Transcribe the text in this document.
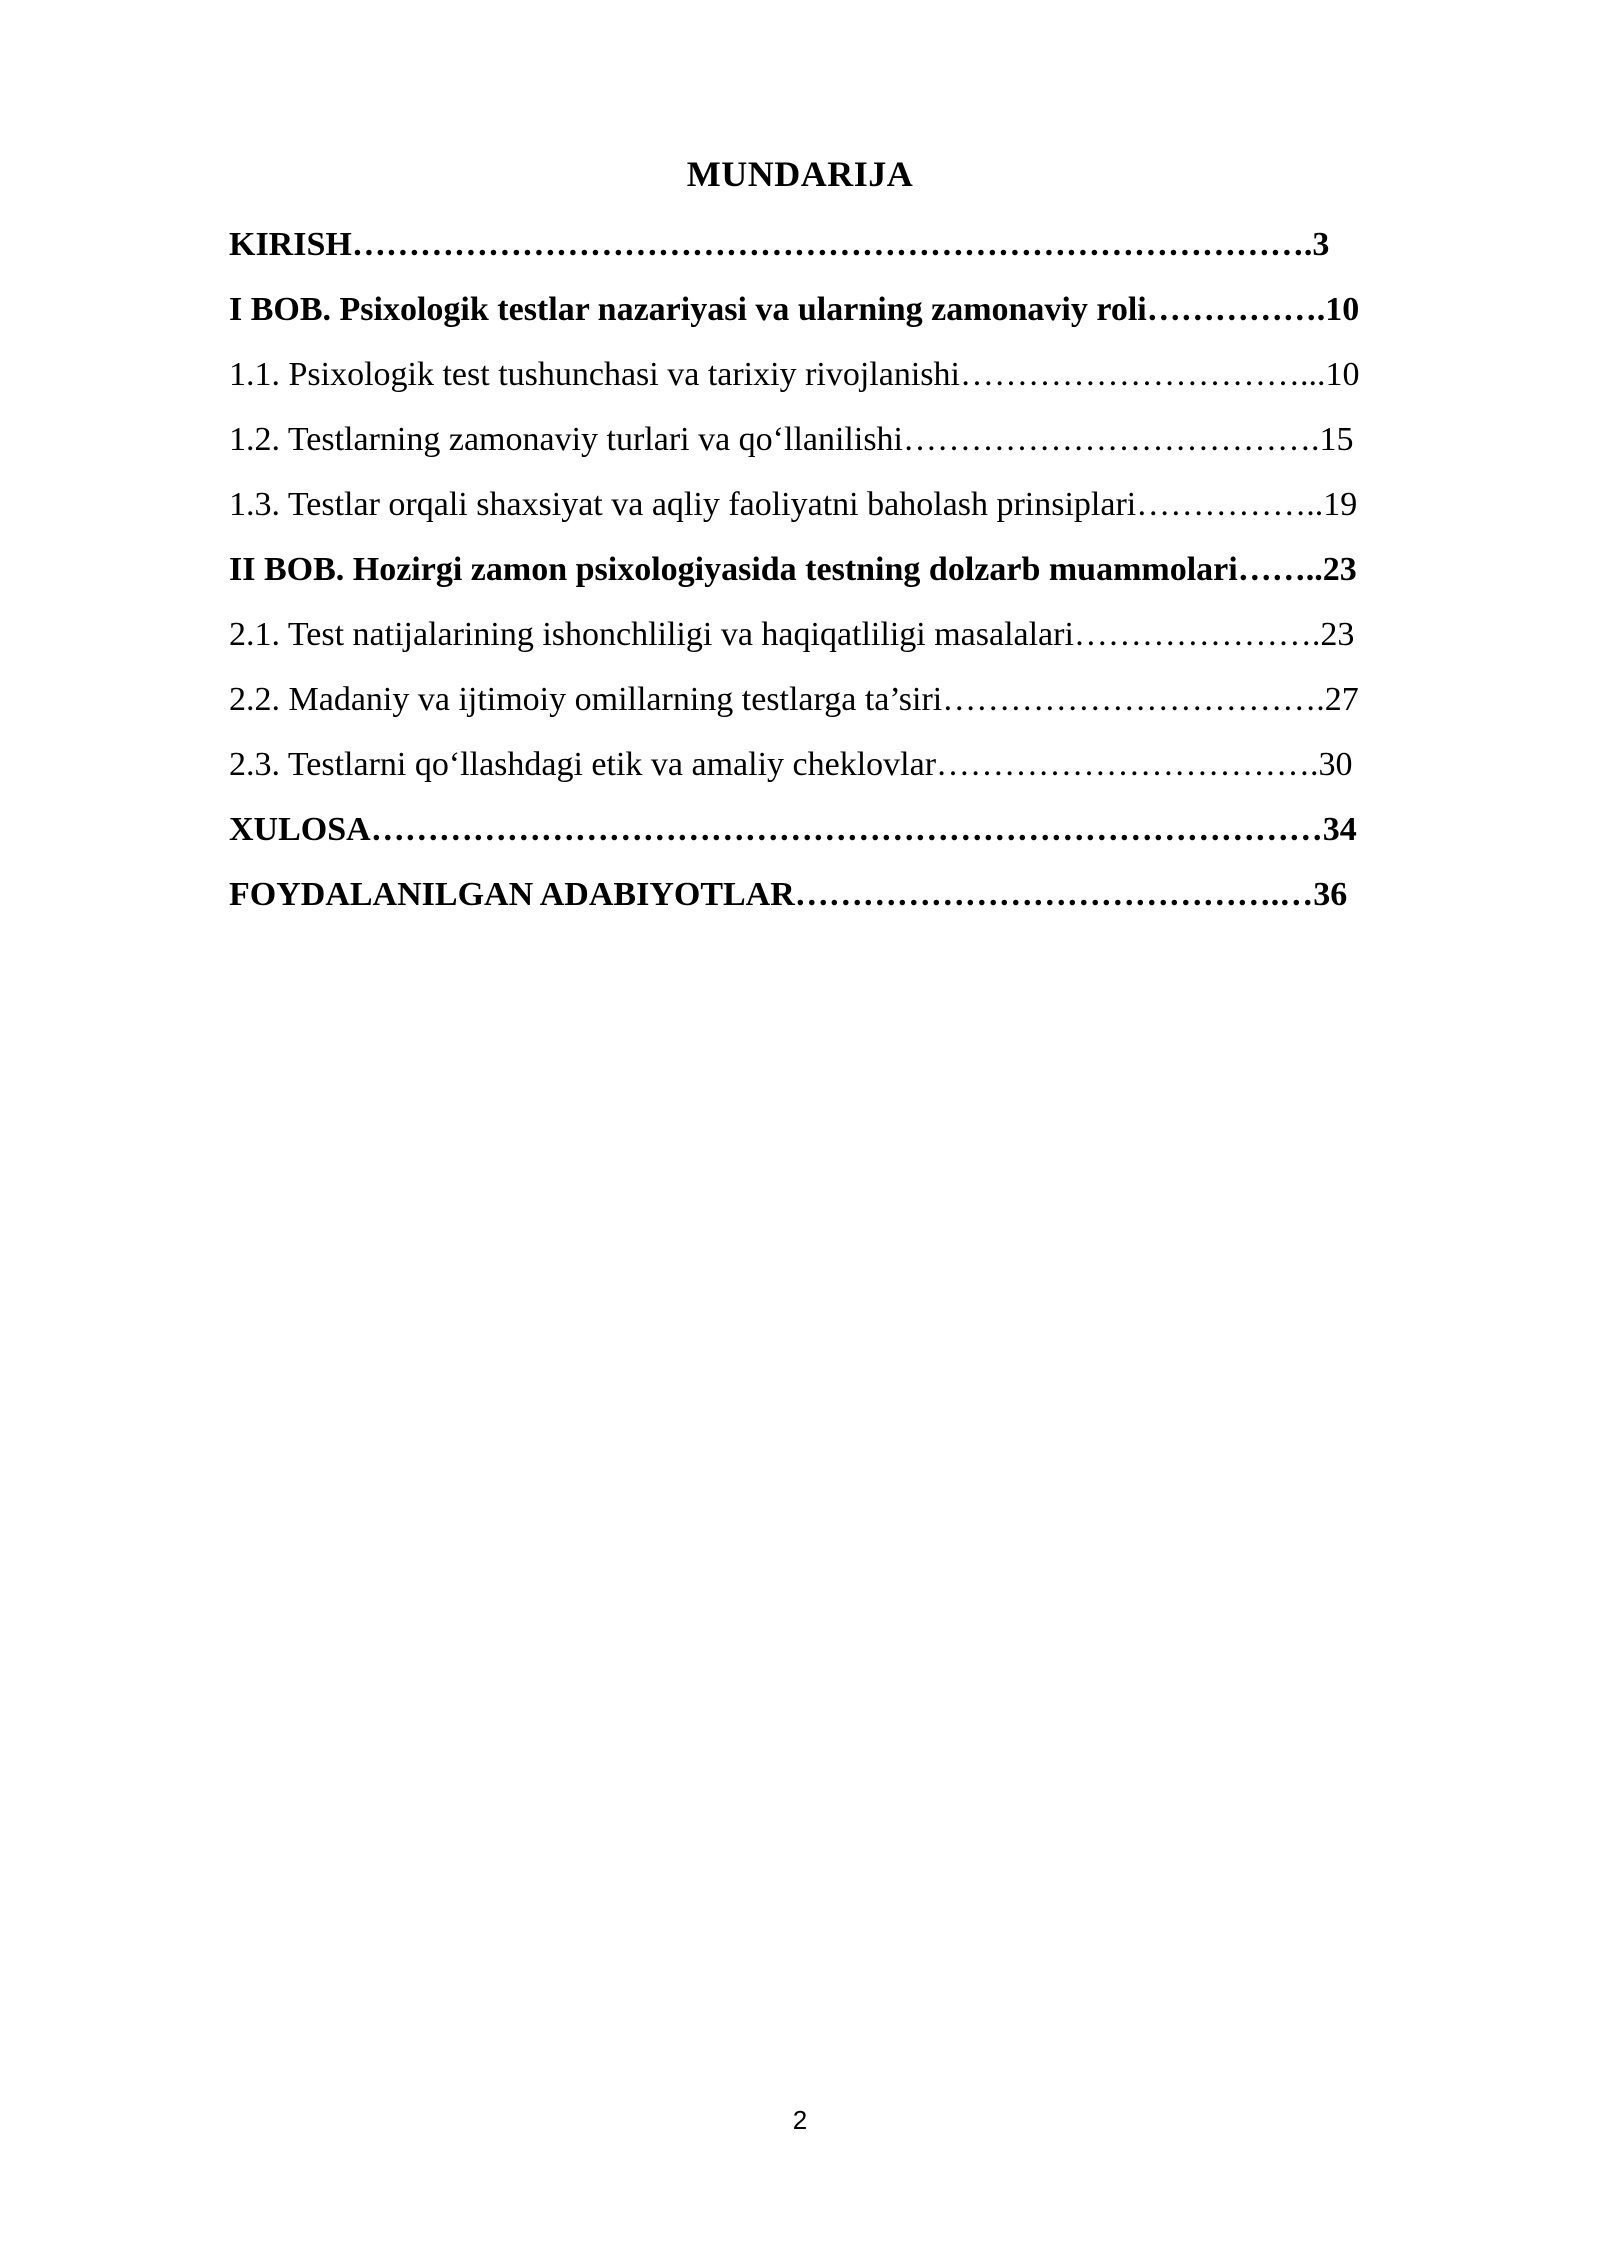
MUNDARIJA
KIRISH………………………………………………………………………….3
I BOB. Psixologik testlar nazariyasi va ularning zamonaviy roli…………….10
1.1. Psixologik test tushunchasi va tarixiy rivojlanishi…………………………...10
1.2. Testlarning zamonaviy turlari va qo‘llanilishi……………………………….15
1.3. Testlar orqali shaxsiyat va aqliy faoliyatni baholash prinsiplari……………..19
II BOB. Hozirgi zamon psixologiyasida testning dolzarb muammolari……..23
2.1. Test natijalarining ishonchliligi va haqiqatliligi masalalari………………….23
2.2. Madaniy va ijtimoiy omillarning testlarga ta’siri…………………………….27
2.3. Testlarni qo‘llashdagi etik va amaliy cheklovlar…………………………….30
XULOSA…………………………………………………………………………34
FOYDALANILGAN ADABIYOTLAR…………………………………….…36
2
